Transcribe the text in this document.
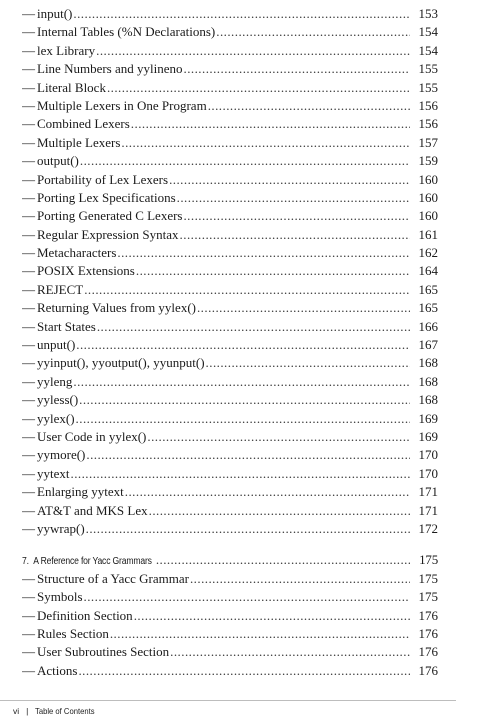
— input() . . .	153
— Internal Tables (%N Declarations) . . .	154
— lex Library . . .	154
— Line Numbers and yylineno . . .	155
— Literal Block . . .	155
— Multiple Lexers in One Program . . .	156
— Combined Lexers . . .	156
— Multiple Lexers . . .	157
— output() . . .	159
— Portability of Lex Lexers . . .	160
— Porting Lex Specifications . . .	160
— Porting Generated C Lexers . . .	160
— Regular Expression Syntax . . .	161
— Metacharacters . . .	162
— POSIX Extensions . . .	164
— REJECT . . .	165
— Returning Values from yylex() . . .	165
— Start States . . .	166
— unput() . . .	167
— yyinput(), yyoutput(), yyunput() . . .	168
— yyleng . . .	168
— yyless() . . .	168
— yylex() . . .	169
— User Code in yylex() . . .	169
— yymore() . . .	170
— yytext . . .	170
— Enlarging yytext . . .	171
— AT&T and MKS Lex . . .	171
— yywrap() . . .	172
7. A Reference for Yacc Grammars .....	175
— Structure of a Yacc Grammar . . .	175
— Symbols . . .	175
— Definition Section . . .	176
— Rules Section . . .	176
— User Subroutines Section . . .	176
— Actions . . .	176
vi | Table of Contents
